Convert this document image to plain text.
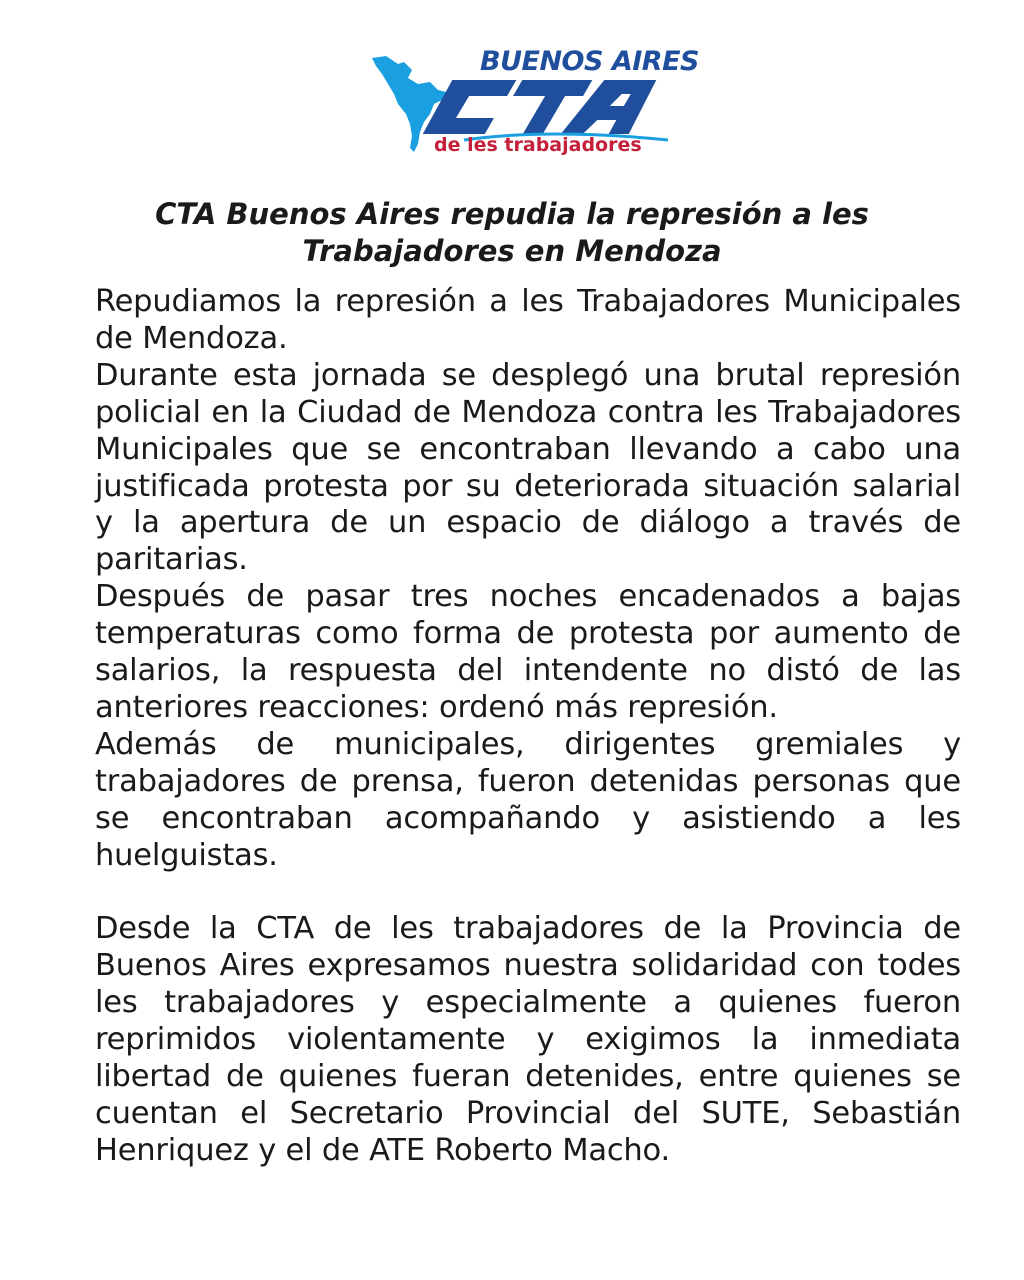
BUENOS AIRES
de les trabajadores
CTA Buenos Aires repudia la represión a les Trabajadores en Mendoza

Repudiamos la represión a les Trabajadores Municipales de Mendoza.

Durante esta jornada se desplegó una brutal represión policial en la Ciudad de Mendoza contra les Trabajadores Municipales que se encontraban llevando a cabo una justificada protesta por su deteriorada situación salarial y la apertura de un espacio de diálogo a través de paritarias.

Después de pasar tres noches encadenados a bajas temperaturas como forma de protesta por aumento de salarios, la respuesta del intendente no distó de las anteriores reacciones: ordenó más represión.

Además de municipales, dirigentes gremiales y trabajadores de prensa, fueron detenidas personas que se encontraban acompañando y asistiendo a les huelguistas.

Desde la CTA de les trabajadores de la Provincia de Buenos Aires expresamos nuestra solidaridad con todes les trabajadores y especialmente a quienes fueron reprimidos violentamente y exigimos la inmediata libertad de quienes fueran detenides, entre quienes se cuentan el Secretario Provincial del SUTE, Sebastián Henriquez y el de ATE Roberto Macho.
